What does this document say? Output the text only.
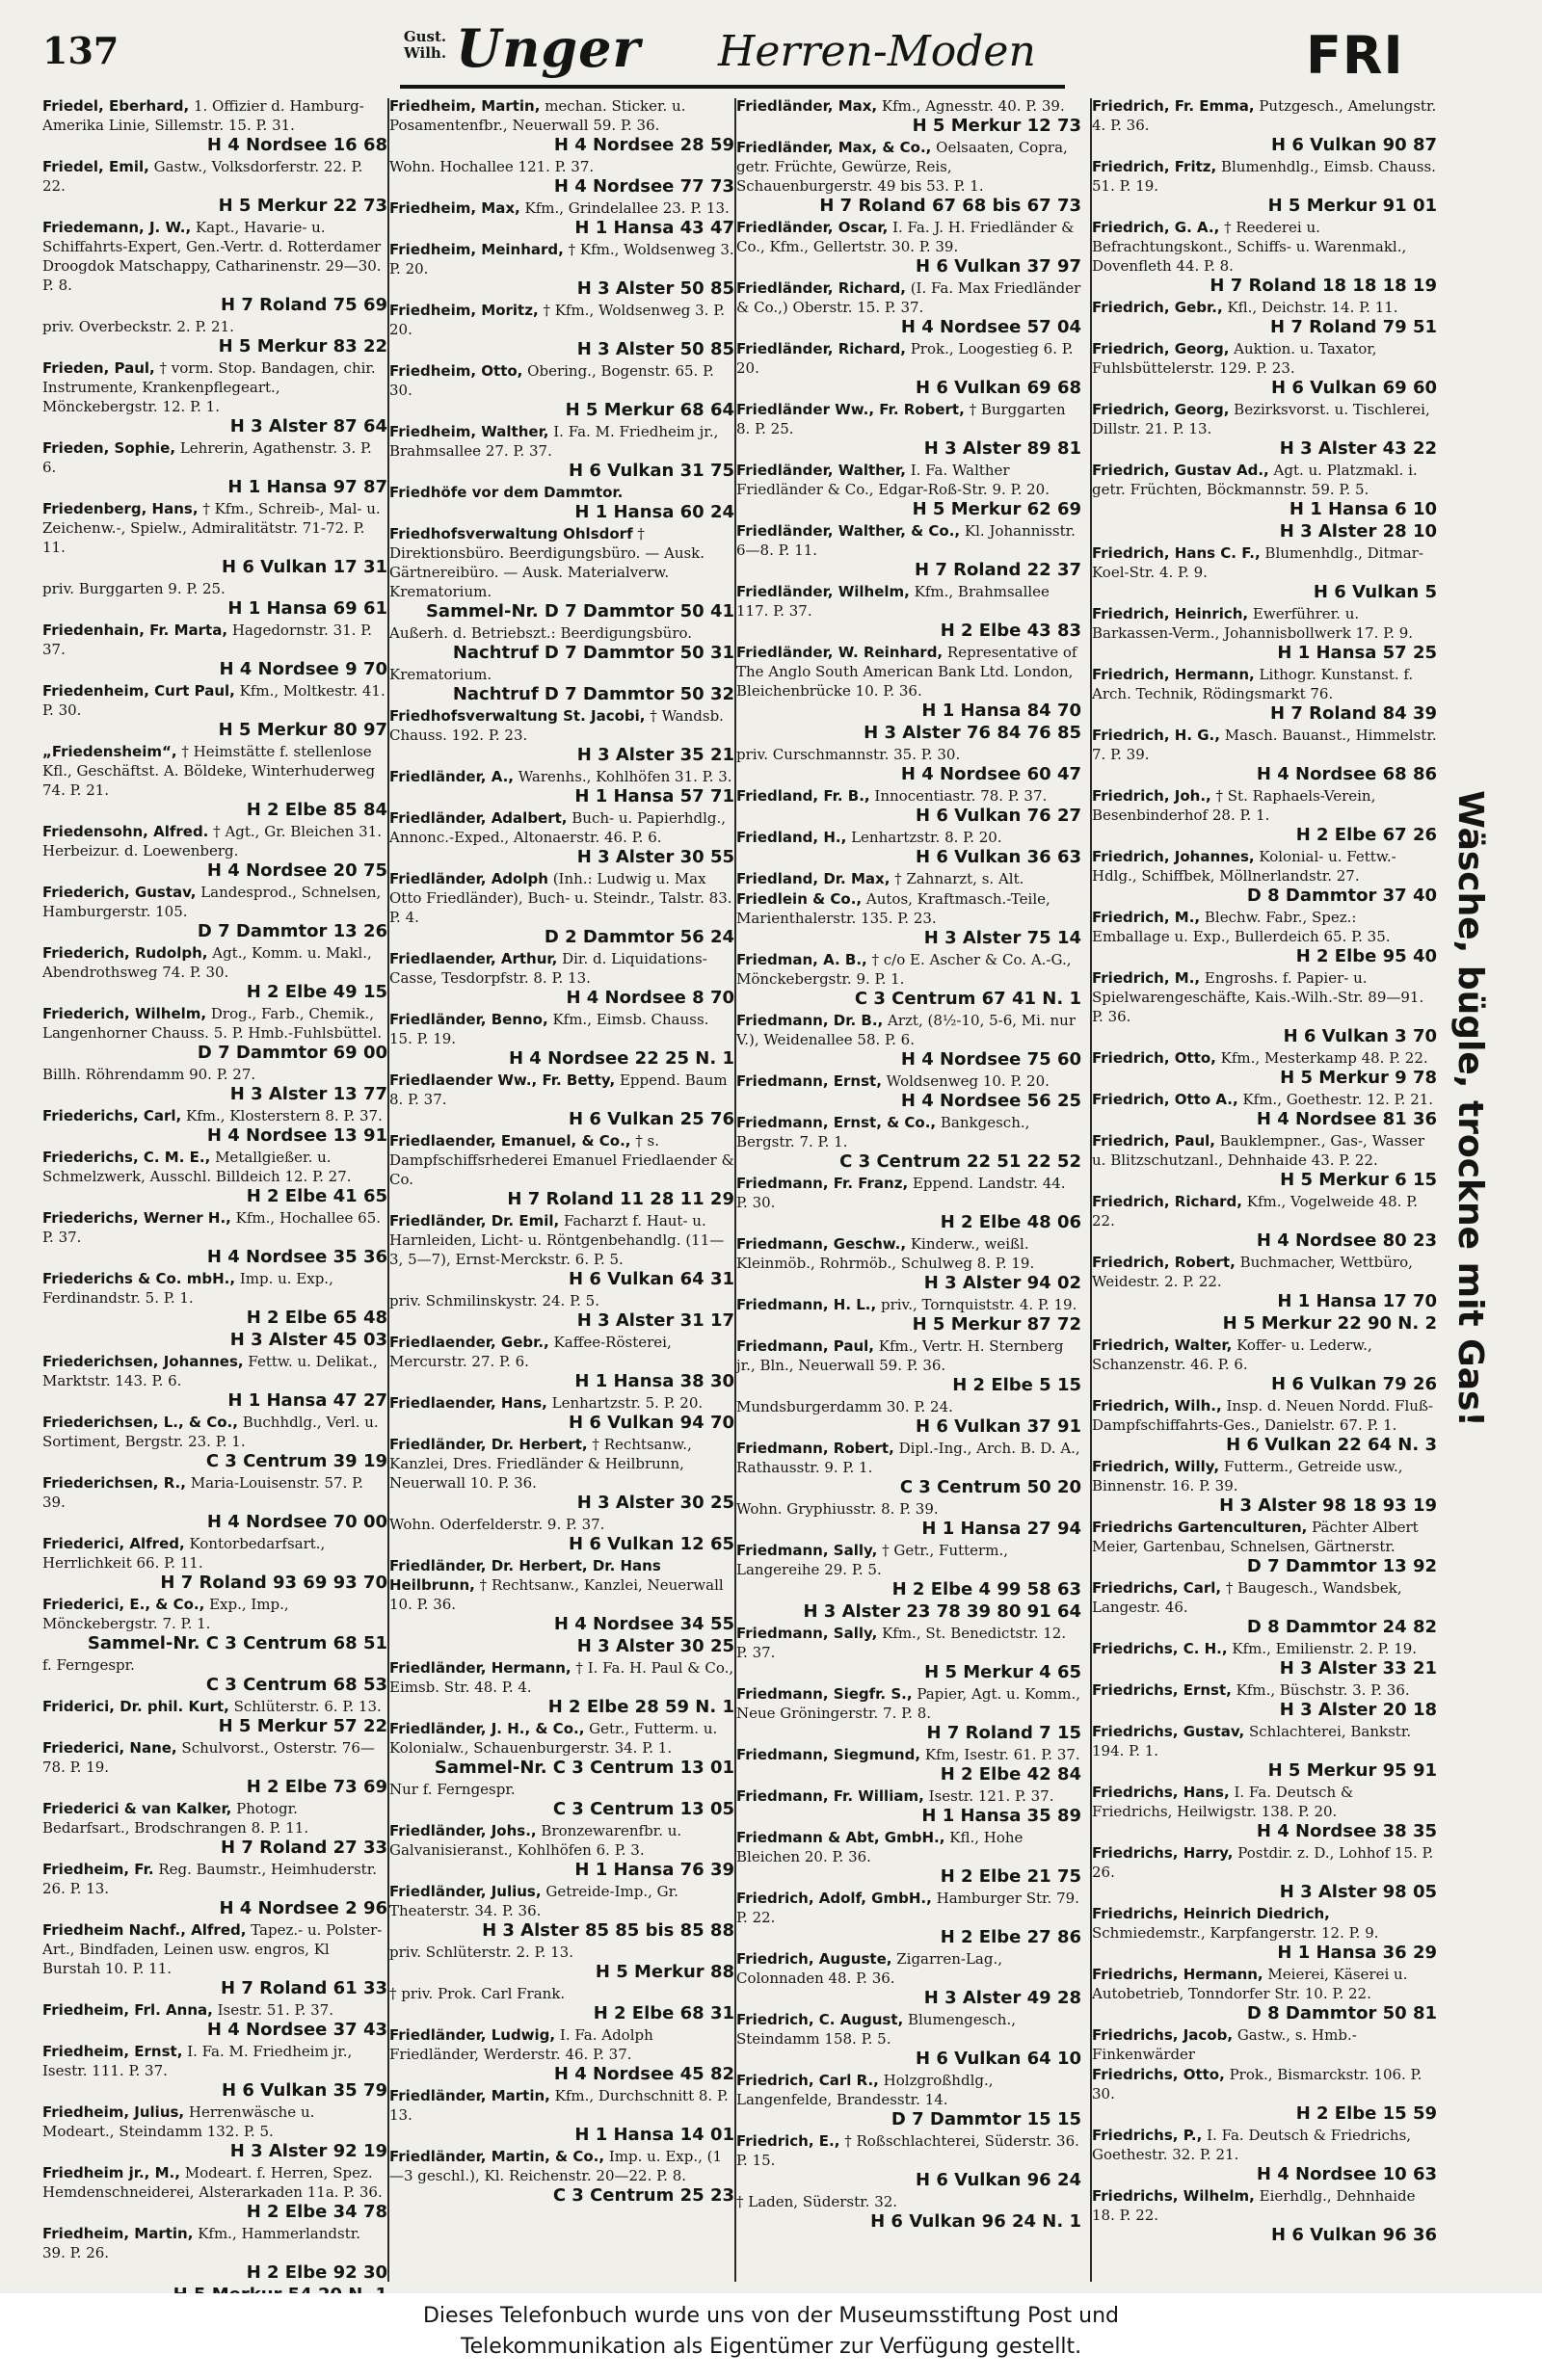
137	Gust. Wilh. Unger Herren-Moden	FRI
Friedel, Eberhard, 1. Offizier d. Hamburg-Amerika Linie, Sillemstr. 15. P. 31.
H 4 Nordsee 16 68
Friedel, Emil, Gastw., Volksdorferstr. 22. P. 22.
H 5 Merkur 22 73
Friedemann, J. W., Kapt., Havarie- u. Schiffahrts-Expert, Gen.-Vertr. d. Rotterdamer Droogdok Matschappy, Catharinenstr. 29—30. P. 8.
H 7 Roland 75 69
priv. Overbeckstr. 2. P. 21.
H 5 Merkur 83 22
Frieden, Paul, † vorm. Stop. Bandagen, chir. Instrumente, Krankenpflegeart., Mönckebergstr. 12. P. 1.
H 3 Alster 87 64
Frieden, Sophie, Lehrerin, Agathenstr. 3. P. 6.
H 1 Hansa 97 87
Friedenberg, Hans, † Kfm., Schreib-, Mal- u. Zeichenw.-, Spielw., Admiralitätstr. 71-72. P. 11.
H 6 Vulkan 17 31
priv. Burggarten 9. P. 25.
H 1 Hansa 69 61
Friedenhain, Fr. Marta, Hagedornstr. 31. P. 37.
H 4 Nordsee 9 70
Friedenheim, Curt Paul, Kfm., Moltkestr. 41. P. 30.
H 5 Merkur 80 97
„Friedensheim“, † Heimstätte f. stellenlose Kfl., Geschäftst. A. Böldeke, Winterhuderweg 74. P. 21.
H 2 Elbe 85 84
Friedensohn, Alfred. † Agt., Gr. Bleichen 31. Herbeizur. d. Loewenberg.
H 4 Nordsee 20 75
Friederich, Gustav, Landesprod., Schnelsen, Hamburgerstr. 105.
D 7 Dammtor 13 26
Friederich, Rudolph, Agt., Komm. u. Makl., Abendrothsweg 74. P. 30.
H 2 Elbe 49 15
Friederich, Wilhelm, Drog., Farb., Chemik., Langenhorner Chauss. 5. P. Hmb.-Fuhlsbüttel.
D 7 Dammtor 69 00
Billh. Röhrendamm 90. P. 27.
H 3 Alster 13 77
Friederichs, Carl, Kfm., Klosterstern 8. P. 37.
H 4 Nordsee 13 91
Friederichs, C. M. E., Metallgießer. u. Schmelzwerk, Ausschl. Billdeich 12. P. 27.
H 2 Elbe 41 65
Friederichs, Werner H., Kfm., Hochallee 65. P. 37.
H 4 Nordsee 35 36
Friederichs & Co. mbH., Imp. u. Exp., Ferdinandstr. 5. P. 1.
H 2 Elbe 65 48
H 3 Alster 45 03
Friederichsen, Johannes, Fettw. u. Delikat., Marktstr. 143. P. 6.
H 1 Hansa 47 27
Friederichsen, L., & Co., Buchhdlg., Verl. u. Sortiment, Bergstr. 23. P. 1.
C 3 Centrum 39 19
Friederichsen, R., Maria-Louisenstr. 57. P. 39.
H 4 Nordsee 70 00
Friederici, Alfred, Kontorbedarfsart., Herrlichkeit 66. P. 11.
H 7 Roland 93 69 93 70
Friederici, E., & Co., Exp., Imp., Mönckebergstr. 7. P. 1.
Sammel-Nr. C 3 Centrum 68 51
f. Ferngespr.
C 3 Centrum 68 53
Friderici, Dr. phil. Kurt, Schlüterstr. 6. P. 13.
H 5 Merkur 57 22
Friederici, Nane, Schulvorst., Osterstr. 76—78. P. 19.
H 2 Elbe 73 69
Friederici & van Kalker, Photogr. Bedarfsart., Brodschrangen 8. P. 11.
H 7 Roland 27 33
Friedheim, Fr. Reg. Baumstr., Heimhuderstr. 26. P. 13.
H 4 Nordsee 2 96
Friedheim Nachf., Alfred, Tapez.- u. Polster-Art., Bindfaden, Leinen usw. engros, Kl Burstah 10. P. 11.
H 7 Roland 61 33
Friedheim, Frl. Anna, Isestr. 51. P. 37.
H 4 Nordsee 37 43
Friedheim, Ernst, I. Fa. M. Friedheim jr., Isestr. 111. P. 37.
H 6 Vulkan 35 79
Friedheim, Julius, Herrenwäsche u. Modeart., Steindamm 132. P. 5.
H 3 Alster 92 19
Friedheim jr., M., Modeart. f. Herren, Spez. Hemdenschneiderei, Alsterarkaden 11a. P. 36.
H 2 Elbe 34 78
Friedheim, Martin, Kfm., Hammerlandstr. 39. P. 26.
H 2 Elbe 92 30
Friedheim, Martin, mechan. Sticker. u. Posamentenfbr., Neuerwall 59. P. 36.
H 4 Nordsee 28 59
Wohn. Hochallee 121. P. 37.
H 4 Nordsee 77 73
Friedheim, Max, Kfm., Grindelallee 23. P. 13.
H 1 Hansa 43 47
Friedheim, Meinhard, † Kfm., Woldsenweg 3. P. 20.
H 3 Alster 50 85
Friedheim, Moritz, † Kfm., Woldsenweg 3. P. 20.
H 3 Alster 50 85
Friedheim, Otto, Obering., Bogenstr. 65. P. 30.
H 5 Merkur 68 64
Friedheim, Walther, I. Fa. M. Friedheim jr., Brahmsallee 27. P. 37.
H 6 Vulkan 31 75
Friedhöfe vor dem Dammtor.
H 1 Hansa 60 24
Friedhofsverwaltung Ohlsdorf † Direktionsbüro. Beerdigungsbüro. — Ausk. Gärtnereibüro. — Ausk. Materialverw. Krematorium.
Sammel-Nr. D 7 Dammtor 50 41
Außerh. d. Betriebszt.: Beerdigungsbüro.
Nachtruf D 7 Dammtor 50 31
Krematorium.
Nachtruf D 7 Dammtor 50 32
Friedhofsverwaltung St. Jacobi, † Wandsb. Chauss. 192. P. 23.
H 3 Alster 35 21
Friedländer, A., Warenhs., Kohlhöfen 31. P. 3.
H 1 Hansa 57 71
Friedländer, Adalbert, Buch- u. Papierhdlg., Annonc.-Exped., Altonaerstr. 46. P. 6.
H 3 Alster 30 55
Friedländer, Adolph (Inh.: Ludwig u. Max Otto Friedländer), Buch- u. Steindr., Talstr. 83. P. 4.
D 2 Dammtor 56 24
Friedlaender, Arthur, Dir. d. Liquidations-Casse, Tesdorpfstr. 8. P. 13.
H 4 Nordsee 8 70
Friedländer, Benno, Kfm., Eimsb. Chauss. 15. P. 19.
H 4 Nordsee 22 25 N. 1
Friedlaender Ww., Fr. Betty, Eppend. Baum 8. P. 37.
H 6 Vulkan 25 76
Friedlaender, Emanuel, & Co., † s. Dampfschiffsrhederei Emanuel Friedlaender & Co.
H 7 Roland 11 28 11 29
Friedländer, Dr. Emil, Facharzt f. Haut- u. Harnleiden, Licht- u. Röntgenbehandlg. (11—3, 5—7), Ernst-Merckstr. 6. P. 5.
H 6 Vulkan 64 31
priv. Schmilinskystr. 24. P. 5.
H 3 Alster 31 17
Friedlaender, Gebr., Kaffee-Rösterei, Mercurstr. 27. P. 6.
H 1 Hansa 38 30
Friedlaender, Hans, Lenhartzstr. 5. P. 20.
H 6 Vulkan 94 70
Friedländer, Dr. Herbert, † Rechtsanw., Kanzlei, Dres. Friedländer & Heilbrunn, Neuerwall 10. P. 36.
H 3 Alster 30 25
Wohn. Oderfelderstr. 9. P. 37.
H 6 Vulkan 12 65
Friedländer, Dr. Herbert, Dr. Hans Heilbrunn, † Rechtsanw., Kanzlei, Neuerwall 10. P. 36.
H 4 Nordsee 34 55
H 3 Alster 30 25
Friedländer, Hermann, † I. Fa. H. Paul & Co., Eimsb. Str. 48. P. 4.
H 2 Elbe 28 59 N. 1
Friedländer, J. H., & Co., Getr., Futterm. u. Kolonialw., Schauenburgerstr. 34. P. 1.
Sammel-Nr. C 3 Centrum 13 01
Nur f. Ferngespr.
C 3 Centrum 13 05
Friedländer, Johs., Bronzewarenfbr. u. Galvanisieranst., Kohlhöfen 6. P. 3.
H 1 Hansa 76 39
Friedländer, Julius, Getreide-Imp., Gr. Theaterstr. 34. P. 36.
H 3 Alster 85 85 bis 85 88
priv. Schlüterstr. 2. P. 13.
H 5 Merkur 88
† priv. Prok. Carl Frank.
H 2 Elbe 68 31
Friedländer, Ludwig, I. Fa. Adolph Friedländer, Werderstr. 46. P. 37.
H 4 Nordsee 45 82
Friedländer, Martin, Kfm., Durchschnitt 8. P. 13.
H 1 Hansa 14 01
Friedländer, Martin, & Co., Imp. u. Exp., (1—3 geschl.), Kl. Reichenstr. 20—22. P. 8.
C 3 Centrum 25 23
Friedländer, Max, Kfm., Agnesstr. 40. P. 39.
H 5 Merkur 12 73
Friedländer, Max, & Co., Oelsaaten, Copra, getr. Früchte, Gewürze, Reis, Schauenburgerstr. 49 bis 53. P. 1.
H 7 Roland 67 68 bis 67 73
Friedländer, Oscar, I. Fa. J. H. Friedländer & Co., Kfm., Gellertstr. 30. P. 39.
H 6 Vulkan 37 97
Friedländer, Richard, (I. Fa. Max Friedländer & Co.,) Oberstr. 15. P. 37.
H 4 Nordsee 57 04
Friedländer, Richard, Prok., Loogestieg 6. P. 20.
H 6 Vulkan 69 68
Friedländer Ww., Fr. Robert, † Burggarten 8. P. 25.
H 3 Alster 89 81
Friedländer, Walther, I. Fa. Walther Friedländer & Co., Edgar-Roß-Str. 9. P. 20.
H 5 Merkur 62 69
Friedländer, Walther, & Co., Kl. Johannisstr. 6—8. P. 11.
H 7 Roland 22 37
Friedländer, Wilhelm, Kfm., Brahmsallee 117. P. 37.
H 2 Elbe 43 83
Friedländer, W. Reinhard, Representative of The Anglo South American Bank Ltd. London, Bleichenbrücke 10. P. 36.
H 1 Hansa 84 70
H 3 Alster 76 84 76 85
priv. Curschmannstr. 35. P. 30.
H 4 Nordsee 60 47
Friedland, Fr. B., Innocentiastr. 78. P. 37.
H 6 Vulkan 76 27
Friedland, H., Lenhartzstr. 8. P. 20.
H 6 Vulkan 36 63
Friedland, Dr. Max, † Zahnarzt, s. Alt.
Friedlein & Co., Autos, Kraftmasch.-Teile, Marienthalerstr. 135. P. 23.
H 3 Alster 75 14
Friedman, A. B., † c/o E. Ascher & Co. A.-G., Mönckebergstr. 9. P. 1.
C 3 Centrum 67 41 N. 1
Friedmann, Dr. B., Arzt, (8½-10, 5-6, Mi. nur V.), Weidenallee 58. P. 6.
H 4 Nordsee 75 60
Friedmann, Ernst, Woldsenweg 10. P. 20.
H 4 Nordsee 56 25
Friedmann, Ernst, & Co., Bankgesch., Bergstr. 7. P. 1.
C 3 Centrum 22 51 22 52
Friedmann, Fr. Franz, Eppend. Landstr. 44. P. 30.
H 2 Elbe 48 06
Friedmann, Geschw., Kinderw., weißl. Kleinmöb., Rohrmöb., Schulweg 8. P. 19.
H 3 Alster 94 02
Friedmann, H. L., priv., Tornquiststr. 4. P. 19.
H 5 Merkur 87 72
Friedmann, Paul, Kfm., Vertr. H. Sternberg jr., Bln., Neuerwall 59. P. 36.
H 2 Elbe 5 15
Mundsburgerdamm 30. P. 24.
H 6 Vulkan 37 91
Friedmann, Robert, Dipl.-Ing., Arch. B. D. A., Rathausstr. 9. P. 1.
C 3 Centrum 50 20
Wohn. Gryphiusstr. 8. P. 39.
H 1 Hansa 27 94
Friedmann, Sally, † Getr., Futterm., Langereihe 29. P. 5.
H 2 Elbe 4 99 58 63
H 3 Alster 23 78 39 80 91 64
Friedmann, Sally, Kfm., St. Benedictstr. 12. P. 37.
H 5 Merkur 4 65
Friedmann, Siegfr. S., Papier, Agt. u. Komm., Neue Gröningerstr. 7. P. 8.
H 7 Roland 7 15
Friedmann, Siegmund, Kfm, Isestr. 61. P. 37.
H 2 Elbe 42 84
Friedmann, Fr. William, Isestr. 121. P. 37.
H 1 Hansa 35 89
Friedmann & Abt, GmbH., Kfl., Hohe Bleichen 20. P. 36.
H 2 Elbe 21 75
Friedrich, Adolf, GmbH., Hamburger Str. 79. P. 22.
H 2 Elbe 27 86
Friedrich, Auguste, Zigarren-Lag., Colonnaden 48. P. 36.
H 3 Alster 49 28
Friedrich, C. August, Blumengesch., Steindamm 158. P. 5.
H 6 Vulkan 64 10
Friedrich, Carl R., Holzgroßhdlg., Langenfelde, Brandesstr. 14.
D 7 Dammtor 15 15
Friedrich, E., † Roßschlachterei, Süderstr. 36. P. 15.
H 6 Vulkan 96 24
† Laden, Süderstr. 32.
H 6 Vulkan 96 24 N. 1
Friedrich, Fr. Emma, Putzgesch., Amelungstr. 4. P. 36.
H 6 Vulkan 90 87
Friedrich, Fritz, Blumenhdlg., Eimsb. Chauss. 51. P. 19.
H 5 Merkur 91 01
Friedrich, G. A., † Reederei u. Befrachtungskont., Schiffs- u. Warenmakl., Dovenfleth 44. P. 8.
H 7 Roland 18 18 18 19
Friedrich, Gebr., Kfl., Deichstr. 14. P. 11.
H 7 Roland 79 51
Friedrich, Georg, Auktion. u. Taxator, Fuhlsbüttelerstr. 129. P. 23.
H 6 Vulkan 69 60
Friedrich, Georg, Bezirksvorst. u. Tischlerei, Dillstr. 21. P. 13.
H 3 Alster 43 22
Friedrich, Gustav Ad., Agt. u. Platzmakl. i. getr. Früchten, Böckmannstr. 59. P. 5.
H 1 Hansa 6 10
H 3 Alster 28 10
Friedrich, Hans C. F., Blumenhdlg., Ditmar-Koel-Str. 4. P. 9.
H 6 Vulkan 5
Friedrich, Heinrich, Ewerführer. u. Barkassen-Verm., Johannisbollwerk 17. P. 9.
H 1 Hansa 57 25
Friedrich, Hermann, Lithogr. Kunstanst. f. Arch. Technik, Rödingsmarkt 76.
H 7 Roland 84 39
Friedrich, H. G., Masch. Bauanst., Himmelstr. 7. P. 39.
H 4 Nordsee 68 86
Friedrich, Joh., † St. Raphaels-Verein, Besenbinderhof 28. P. 1.
H 2 Elbe 67 26
Friedrich, Johannes, Kolonial- u. Fettw.-Hdlg., Schiffbek, Möllnerlandstr. 27.
D 8 Dammtor 37 40
Friedrich, M., Blechw. Fabr., Spez.: Emballage u. Exp., Bullerdeich 65. P. 35.
H 2 Elbe 95 40
Friedrich, M., Engroshs. f. Papier- u. Spielwarengeschäfte, Kais.-Wilh.-Str. 89—91. P. 36.
H 6 Vulkan 3 70
Friedrich, Otto, Kfm., Mesterkamp 48. P. 22.
H 5 Merkur 9 78
Friedrich, Otto A., Kfm., Goethestr. 12. P. 21.
H 4 Nordsee 81 36
Friedrich, Paul, Bauklempner., Gas-, Wasser u. Blitzschutzanl., Dehnhaide 43. P. 22.
H 5 Merkur 6 15
Friedrich, Richard, Kfm., Vogelweide 48. P. 22.
H 4 Nordsee 80 23
Friedrich, Robert, Buchmacher, Wettbüro, Weidestr. 2. P. 22.
H 1 Hansa 17 70
H 5 Merkur 22 90 N. 2
Friedrich, Walter, Koffer- u. Lederw., Schanzenstr. 46. P. 6.
H 6 Vulkan 79 26
Friedrich, Wilh., Insp. d. Neuen Nordd. Fluß-Dampfschiffahrts-Ges., Danielstr. 67. P. 1.
H 6 Vulkan 22 64 N. 3
Friedrich, Willy, Futterm., Getreide usw., Binnenstr. 16. P. 39.
H 3 Alster 98 18 93 19
Friedrichs Gartenculturen, Pächter Albert Meier, Gartenbau, Schnelsen, Gärtnerstr.
D 7 Dammtor 13 92
Friedrichs, Carl, † Baugesch., Wandsbek, Langestr. 46.
D 8 Dammtor 24 82
Friedrichs, C. H., Kfm., Emilienstr. 2. P. 19.
H 3 Alster 33 21
Friedrichs, Ernst, Kfm., Büschstr. 3. P. 36.
H 3 Alster 20 18
Friedrichs, Gustav, Schlachterei, Bankstr. 194. P. 1.
H 5 Merkur 95 91
Friedrichs, Hans, I. Fa. Deutsch & Friedrichs, Heilwigstr. 138. P. 20.
H 4 Nordsee 38 35
Friedrichs, Harry, Postdir. z. D., Lohhof 15. P. 26.
H 3 Alster 98 05
Friedrichs, Heinrich Diedrich, Schmiedemstr., Karpfangerstr. 12. P. 9.
H 1 Hansa 36 29
Friedrichs, Hermann, Meierei, Käserei u. Autobetrieb, Tonndorfer Str. 10. P. 22.
D 8 Dammtor 50 81
Friedrichs, Jacob, Gastw., s. Hmb.-Finkenwärder
Friedrichs, Otto, Prok., Bismarckstr. 106. P. 30.
H 2 Elbe 15 59
Friedrichs, P., I. Fa. Deutsch & Friedrichs, Goethestr. 32. P. 21.
H 4 Nordsee 10 63
Friedrichs, Wilhelm, Eierhdlg., Dehnhaide 18. P. 22.
H 6 Vulkan 96 36
Wäsche, bügle, trockne mit Gas!
Dieses Telefonbuch wurde uns von der Museumsstiftung Post und
Telekommunikation als Eigentümer zur Verfügung gestellt.
